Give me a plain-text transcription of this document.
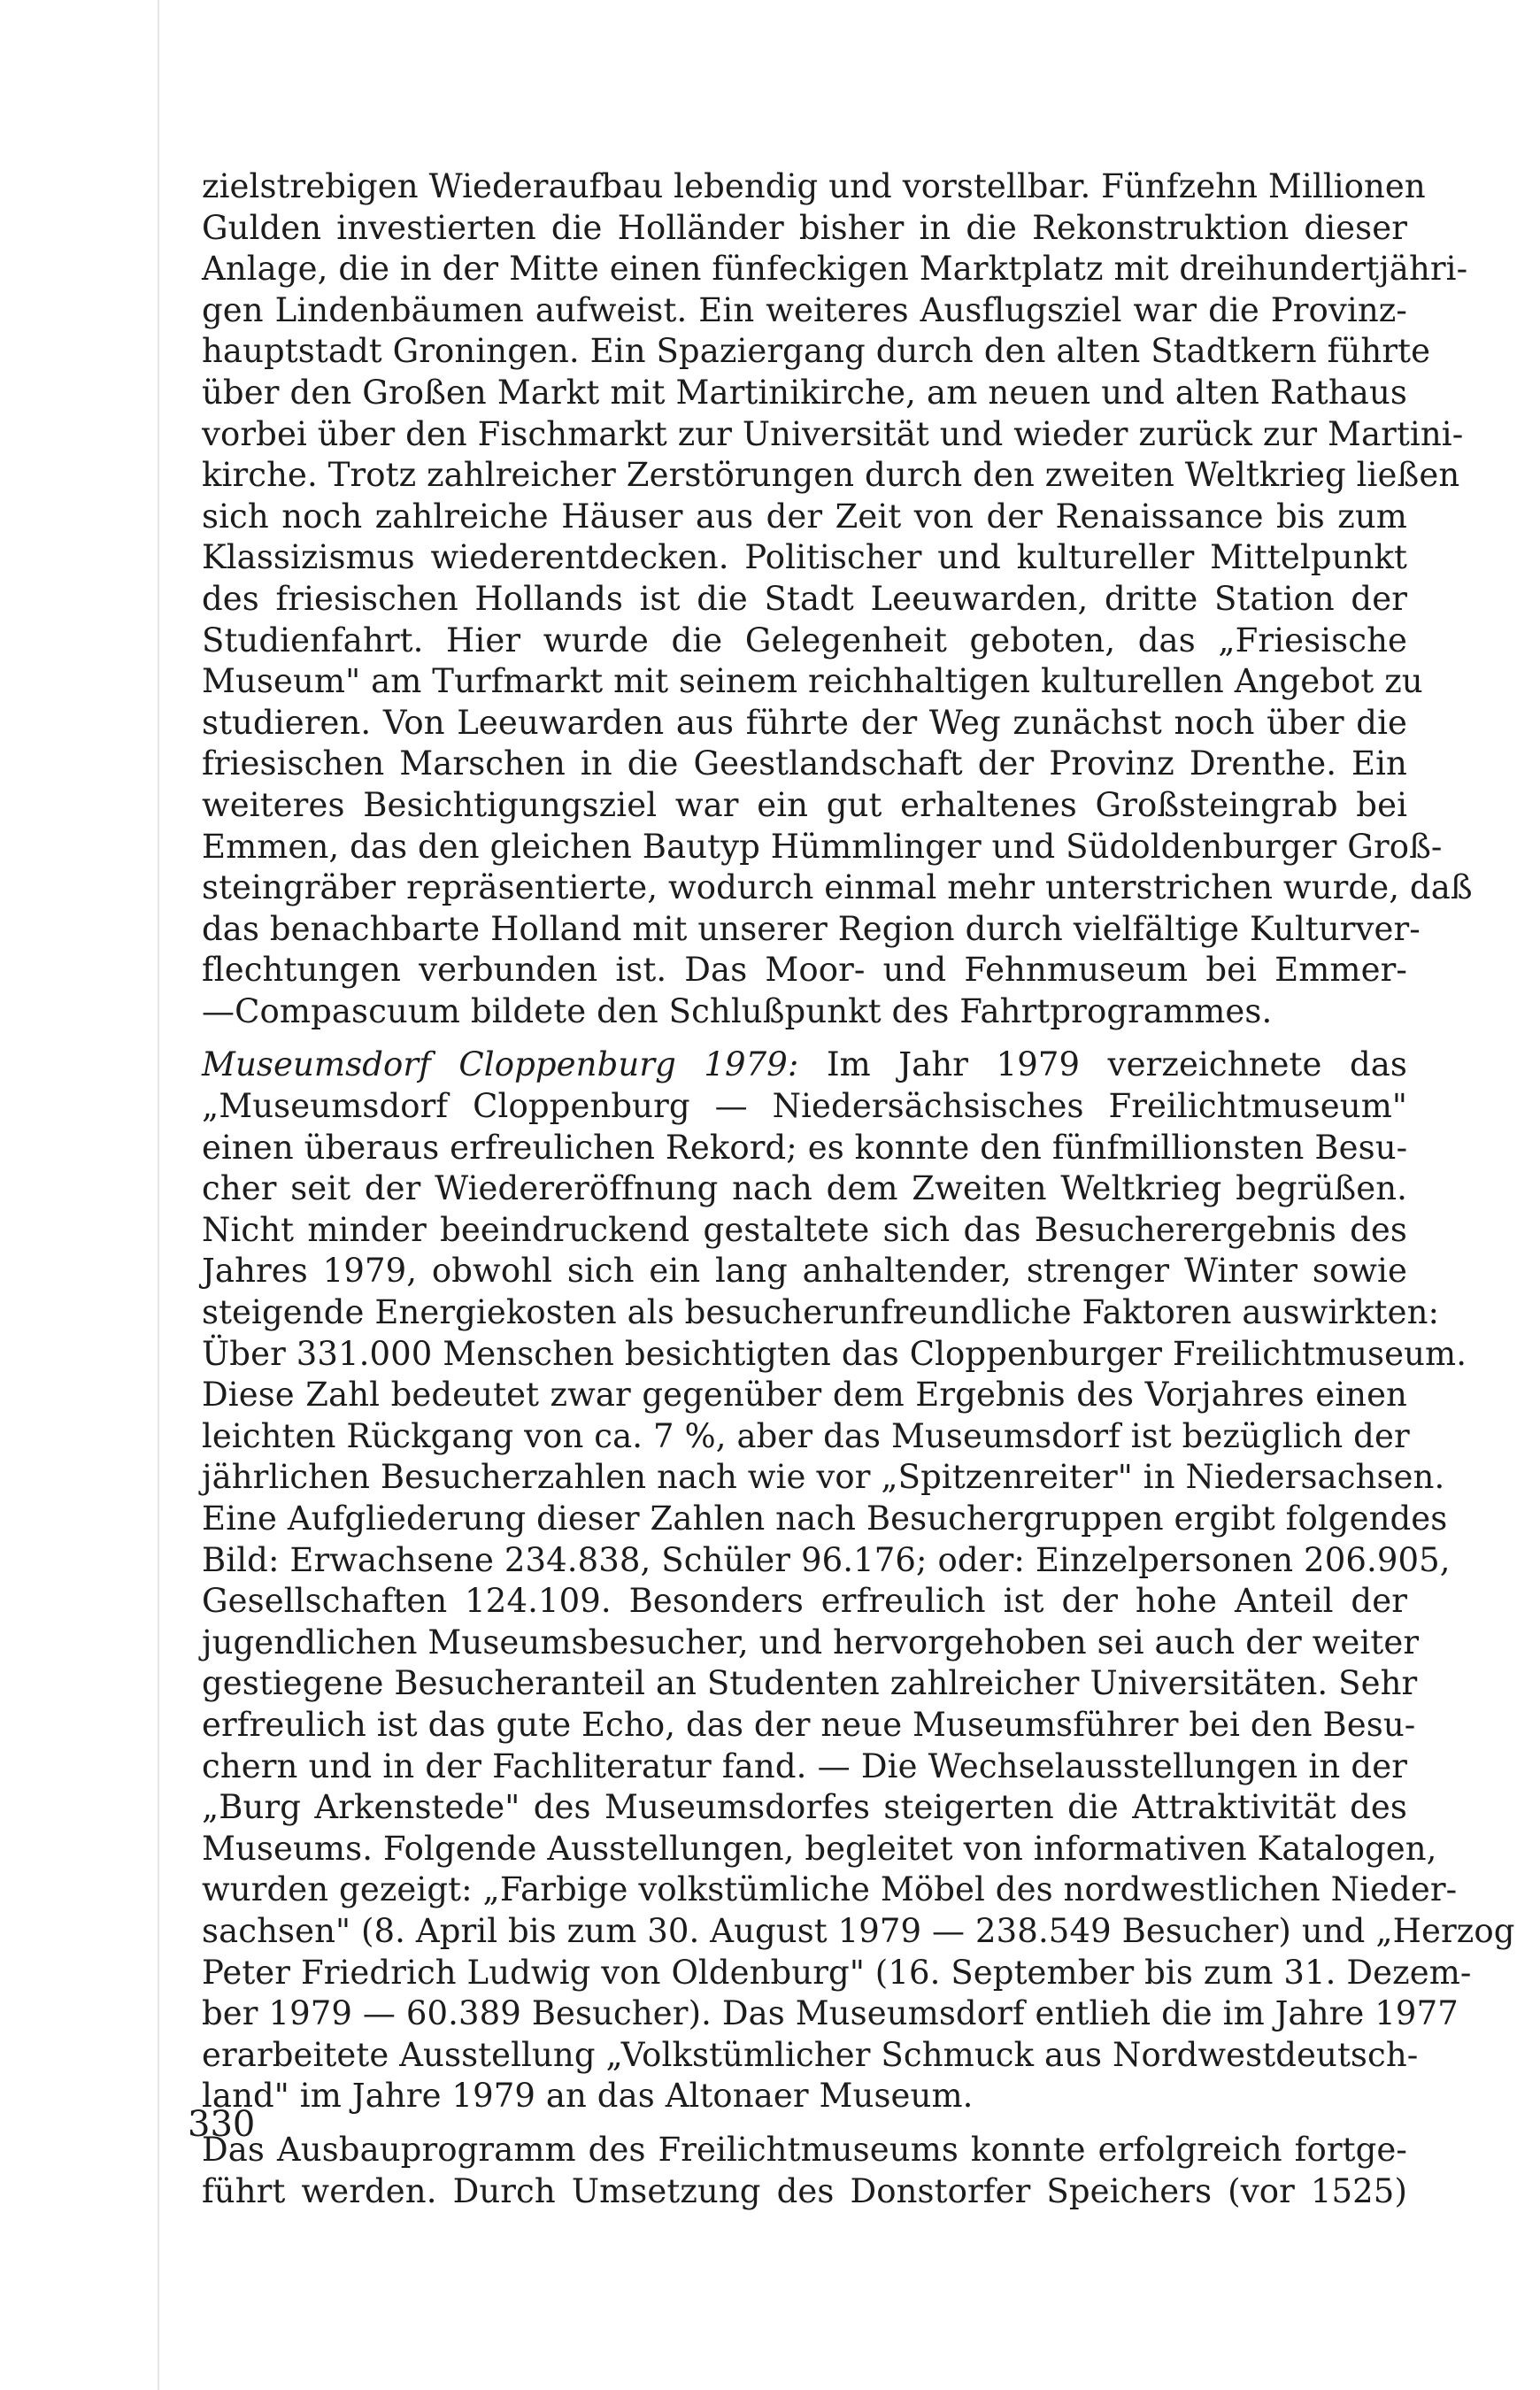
zielstrebigen Wiederaufbau lebendig und vorstellbar. Fünfzehn Millionen
Gulden investierten die Holländer bisher in die Rekonstruktion dieser
Anlage, die in der Mitte einen fünfeckigen Marktplatz mit dreihundertjähri-
gen Lindenbäumen aufweist. Ein weiteres Ausflugsziel war die Provinz-
hauptstadt Groningen. Ein Spaziergang durch den alten Stadtkern führte
über den Großen Markt mit Martinikirche, am neuen und alten Rathaus
vorbei über den Fischmarkt zur Universität und wieder zurück zur Martini-
kirche. Trotz zahlreicher Zerstörungen durch den zweiten Weltkrieg ließen
sich noch zahlreiche Häuser aus der Zeit von der Renaissance bis zum
Klassizismus wiederentdecken. Politischer und kultureller Mittelpunkt
des friesischen Hollands ist die Stadt Leeuwarden, dritte Station der
Studienfahrt. Hier wurde die Gelegenheit geboten, das „Friesische
Museum" am Turfmarkt mit seinem reichhaltigen kulturellen Angebot zu
studieren. Von Leeuwarden aus führte der Weg zunächst noch über die
friesischen Marschen in die Geestlandschaft der Provinz Drenthe. Ein
weiteres Besichtigungsziel war ein gut erhaltenes Großsteingrab bei
Emmen, das den gleichen Bautyp Hümmlinger und Südoldenburger Groß-
steingräber repräsentierte, wodurch einmal mehr unterstrichen wurde, daß
das benachbarte Holland mit unserer Region durch vielfältige Kulturver-
flechtungen verbunden ist. Das Moor- und Fehnmuseum bei Emmer-
—Compascuum bildete den Schlußpunkt des Fahrtprogrammes.

Museumsdorf Cloppenburg 1979: Im Jahr 1979 verzeichnete das
„Museumsdorf Cloppenburg — Niedersächsisches Freilichtmuseum"
einen überaus erfreulichen Rekord; es konnte den fünfmillionsten Besu-
cher seit der Wiedereröffnung nach dem Zweiten Weltkrieg begrüßen.
Nicht minder beeindruckend gestaltete sich das Besucherergebnis des
Jahres 1979, obwohl sich ein lang anhaltender, strenger Winter sowie
steigende Energiekosten als besucherunfreundliche Faktoren auswirkten:
Über 331.000 Menschen besichtigten das Cloppenburger Freilichtmuseum.
Diese Zahl bedeutet zwar gegenüber dem Ergebnis des Vorjahres einen
leichten Rückgang von ca. 7 %, aber das Museumsdorf ist bezüglich der
jährlichen Besucherzahlen nach wie vor „Spitzenreiter" in Niedersachsen.
Eine Aufgliederung dieser Zahlen nach Besuchergruppen ergibt folgendes
Bild: Erwachsene 234.838, Schüler 96.176; oder: Einzelpersonen 206.905,
Gesellschaften 124.109. Besonders erfreulich ist der hohe Anteil der
jugendlichen Museumsbesucher, und hervorgehoben sei auch der weiter
gestiegene Besucheranteil an Studenten zahlreicher Universitäten. Sehr
erfreulich ist das gute Echo, das der neue Museumsführer bei den Besu-
chern und in der Fachliteratur fand. — Die Wechselausstellungen in der
„Burg Arkenstede" des Museumsdorfes steigerten die Attraktivität des
Museums. Folgende Ausstellungen, begleitet von informativen Katalogen,
wurden gezeigt: „Farbige volkstümliche Möbel des nordwestlichen Nieder-
sachsen" (8. April bis zum 30. August 1979 — 238.549 Besucher) und „Herzog
Peter Friedrich Ludwig von Oldenburg" (16. September bis zum 31. Dezem-
ber 1979 — 60.389 Besucher). Das Museumsdorf entlieh die im Jahre 1977
erarbeitete Ausstellung „Volkstümlicher Schmuck aus Nordwestdeutsch-
land" im Jahre 1979 an das Altonaer Museum.

Das Ausbauprogramm des Freilichtmuseums konnte erfolgreich fortge-
führt werden. Durch Umsetzung des Donstorfer Speichers (vor 1525)

330
